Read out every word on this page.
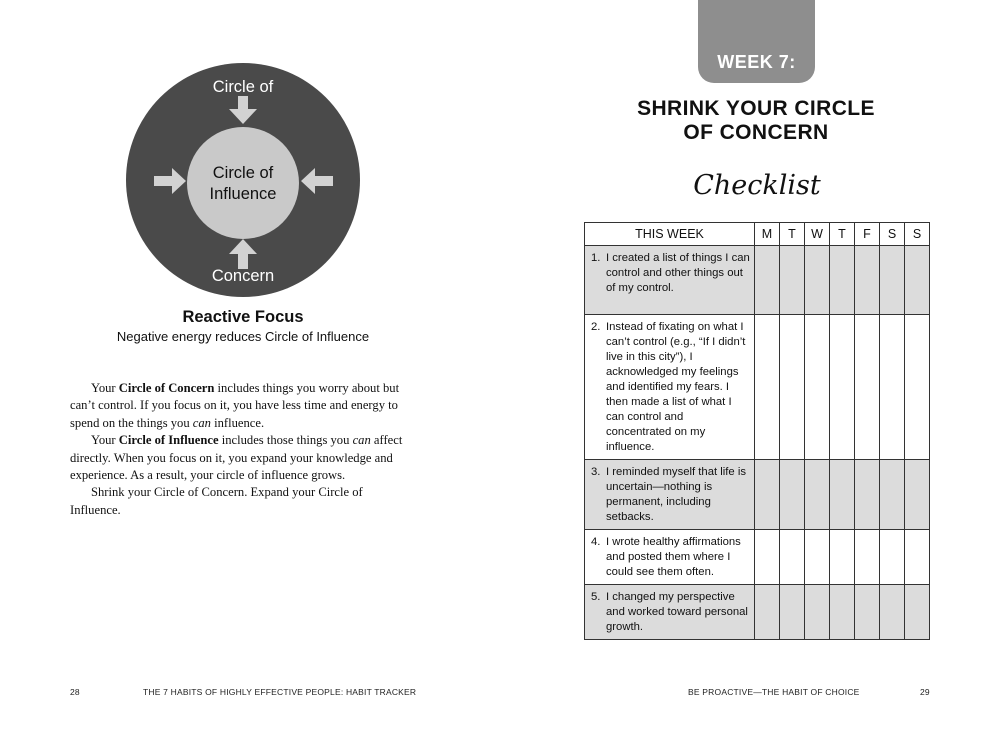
Circle of
Concern
Circle of
Influence
Reactive Focus
Negative energy reduces Circle of Influence

Your Circle of Concern includes things you worry about but can’t control. If you focus on it, you have less time and energy to spend on the things you can influence.

Your Circle of Influence includes those things you can affect directly. When you focus on it, you expand your knowledge and experience. As a result, your circle of influence grows.

Shrink your Circle of Concern. Expand your Circle of Influence.

28	THE 7 HABITS OF HIGHLY EFFECTIVE PEOPLE: HABIT TRACKER
WEEK 7:
SHRINK YOUR CIRCLE
OF CONCERN
Checklist
THIS WEEK	M	T	W	T	F	S	S

1. I created a list of things I can control and other things out of my control.							

2. Instead of fixating on what I can’t control (e.g., “If I didn’t live in this city”), I acknowledged my feelings and identified my fears. I then made a list of what I can control and concentrated on my influence.							

3. I reminded myself that life is uncertain—nothing is permanent, including setbacks.							

4. I wrote healthy affirmations and posted them where I could see them often.							

5. I changed my perspective and worked toward personal growth.							

BE PROACTIVE—THE HABIT OF CHOICE	29
